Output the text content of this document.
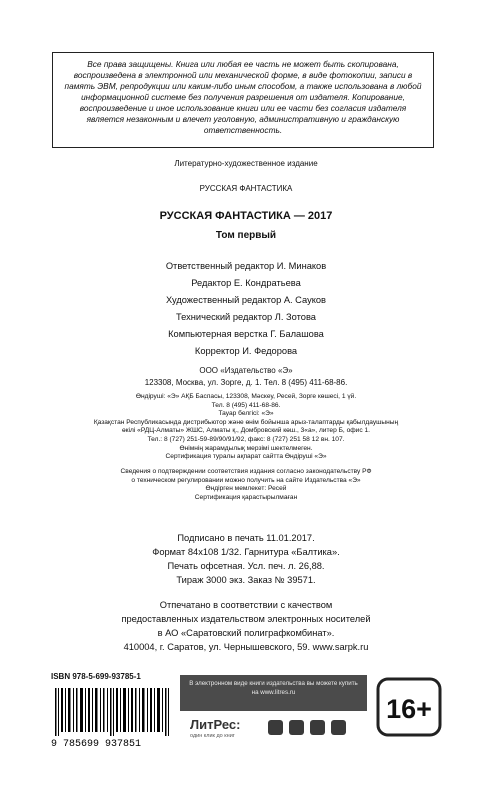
Все права защищены. Книга или любая ее часть не может быть скопирована, воспроизведена в электронной или механической форме, в виде фотокопии, записи в память ЭВМ, репродукции или каким-либо иным способом, а также использована в любой информационной системе без получения разрешения от издателя. Копирование, воспроизведение и иное использование книги или ее части без согласия издателя является незаконным и влечет уголовную, административную и гражданскую ответственность.
Литературно-художественное издание
РУССКАЯ ФАНТАСТИКА
РУССКАЯ ФАНТАСТИКА — 2017
Том первый
Ответственный редактор И. Минаков
Редактор Е. Кондратьева
Художественный редактор А. Сауков
Технический редактор Л. Зотова
Компьютерная верстка Г. Балашова
Корректор И. Федорова
ООО «Издательство «Э»
123308, Москва, ул. Зорге, д. 1. Тел. 8 (495) 411-68-86.
Өндіруші: «Э» АҚБ Баспасы, 123308, Мәскеу, Ресей, Зорге көшесі, 1 үй.
Тел. 8 (495) 411-68-86.
Тауар белгісі: «Э»
Қазақстан Республикасында дистрибьютор және өнім бойынша арыз-талаптарды қабылдаушының
өкілі «РДЦ-Алматы» ЖШС, Алматы қ., Домбровский көш., 3«а», литер Б, офис 1.
Тел.: 8 (727) 251-59-89/90/91/92, факс: 8 (727) 251 58 12 вн. 107.
Өнімнің жарамдылық мерзімі шектелмеген.
Сертификация туралы ақпарат сайтта Өндіруші «Э»
Сведения о подтверждении соответствия издания согласно законодательству РФ
о техническом регулировании можно получить на сайте Издательства «Э»
Өндірген мемлекет: Ресей
Сертификация қарастырылмаған
Подписано в печать 11.01.2017.
Формат 84x108 1/32. Гарнитура «Балтика».
Печать офсетная. Усл. печ. л. 26,88.
Тираж 3000 экз. Заказ № 39571.
Отпечатано в соответствии с качеством
предоставленных издательством электронных носителей
в АО «Саратовский полиграфкомбинат».
410004, г. Саратов, ул. Чернышевского, 59. www.sarpk.ru
ISBN 978-5-699-93785-1
9 785699 937851
В электронном виде книги издательства вы можете купить на www.litres.ru
ЛитРес:
один клик до книг
16+
